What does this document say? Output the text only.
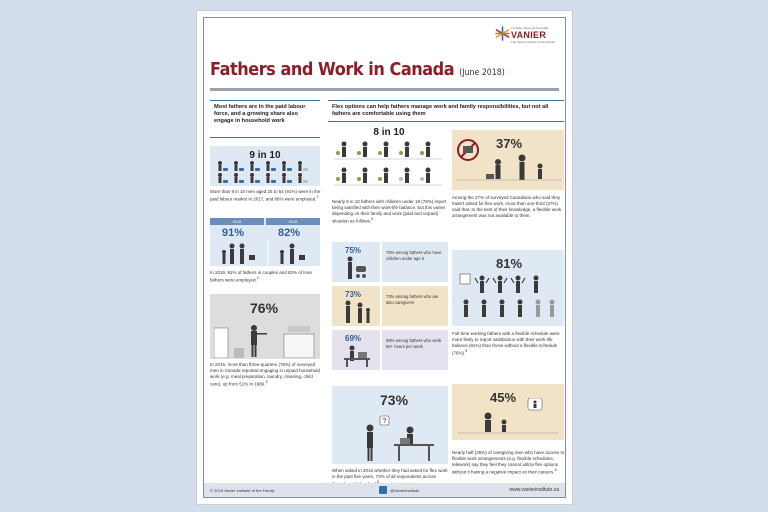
L'Institut Vanier de la famille
VANIER
The Vanier Institute of the Family
Fathers and Work in Canada (June 2018)
Most fathers are in the paid labour force, and a growing share also engage in household work
9 in 10
More than 9 in 10 men aged 25 to 54 (91%) were in the paid labour market in 2017, and 86% were employed.$^1$
2016	2016
91%	82%
In 2016, 91% of fathers in couples and 82% of lone fathers were employed.$^2$
76%
In 2015, more than three-quarters (76%) of surveyed men in Canada reported engaging in unpaid household work (e.g. meal preparation, laundry, cleaning, child care), up from 51% in 1986.$^3$
Flex options can help fathers manage work and family responsibilities, but not all fathers are comfortable using them
8 in 10
Nearly 8 in 10 fathers with children under 18 (78%) report being satisfied with their work-life balance, but this varies depending on their family and work (paid and unpaid) situation as follows:$^4$
75%	75% among fathers who have children under age 5
73%	73% among fathers who are also caregivers
69%	69% among fathers who work 50+ hours per week
73%
?
When asked in 2016 whether they had asked for flex work in the past five years, 73% of all respondents across
37%
Among the 27% of surveyed Canadians who said they hadn't asked for flex work, more than one-third (37%) said that, to the best of their knowledge, a flexible work arrangement was not available to them.
81%
Full-time working fathers with a flexible schedule were more likely to report satisfaction with their work-life balance (81%) than those without a flexible schedule (76%).$^5$
45%
Nearly half (45%) of caregiving men who have access to flexible work arrangements (e.g. flexible schedules, telework) say they feel they cannot utilize flex options without it having a negative impact on their careers.$^6$
© 2018 Vanier Institute of the Family	@VanierInstitute	www.vanierinstitute.ca
